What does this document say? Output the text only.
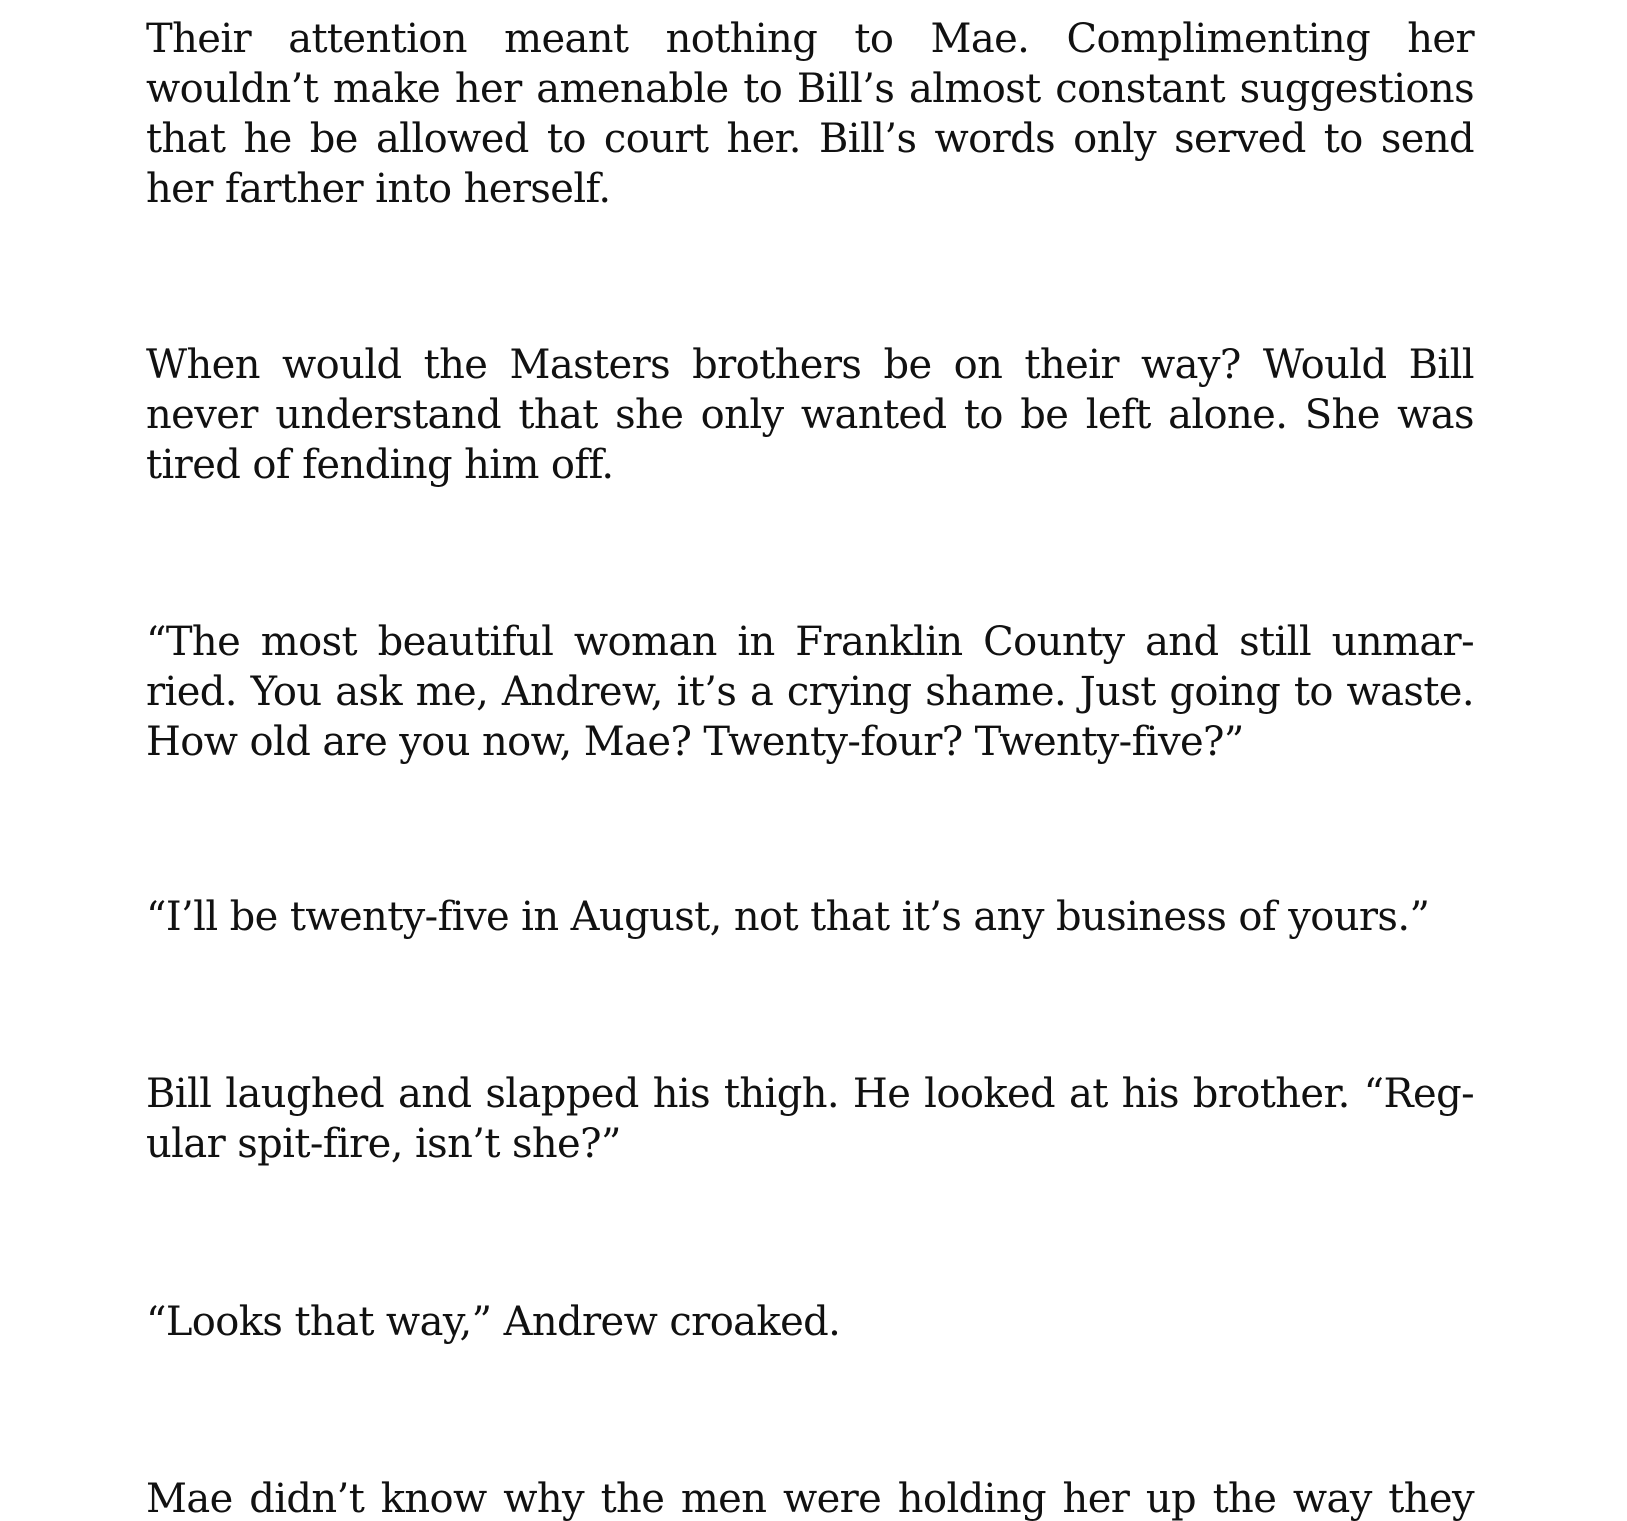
Their attention meant nothing to Mae. Complimenting her
wouldn’t make her amenable to Bill’s almost constant suggestions
that he be allowed to court her. Bill’s words only served to send
her farther into herself.

When would the Masters brothers be on their way? Would Bill
never understand that she only wanted to be left alone. She was
tired of fending him off.

“The most beautiful woman in Franklin County and still unmar-
ried. You ask me, Andrew, it’s a crying shame. Just going to waste.
How old are you now, Mae? Twenty-four? Twenty-five?”

“I’ll be twenty-five in August, not that it’s any business of yours.”

Bill laughed and slapped his thigh. He looked at his brother. “Reg-
ular spit-fire, isn’t she?”

“Looks that way,” Andrew croaked.

Mae didn’t know why the men were holding her up the way they
